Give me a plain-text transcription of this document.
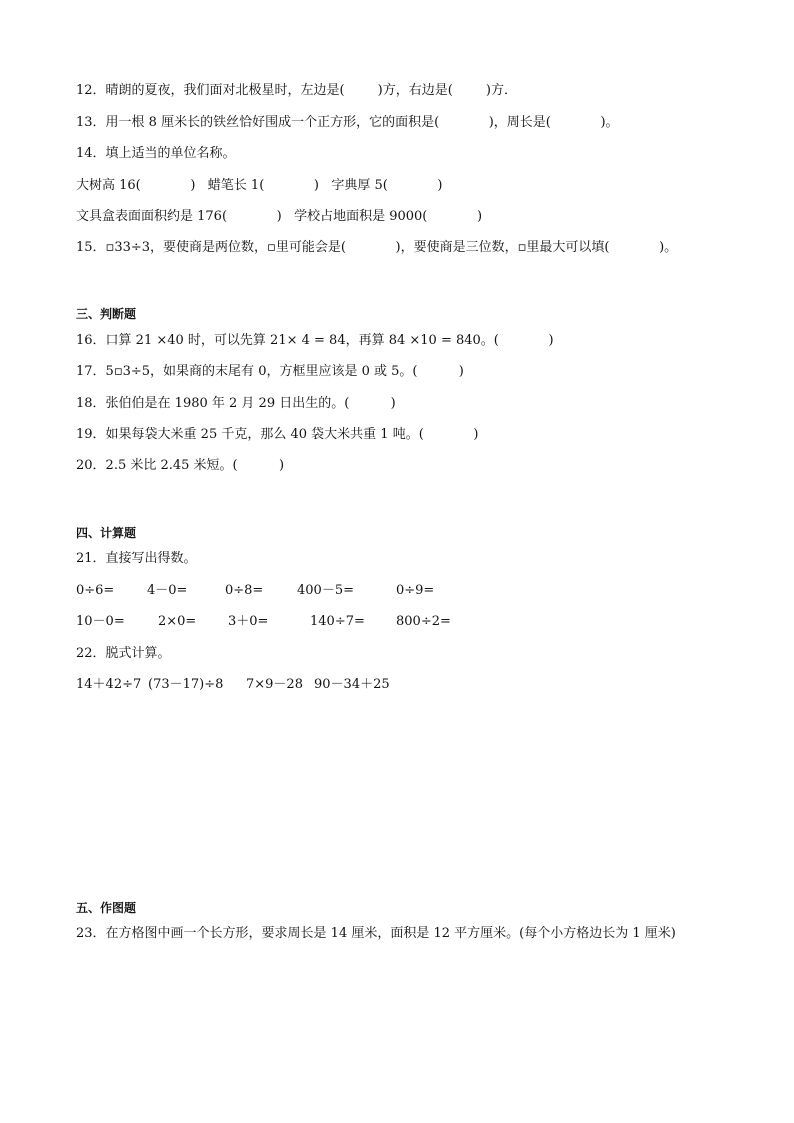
12．晴朗的夏夜，我们面对北极星时，左边是(        )方，右边是(        )方．
13．用一根 8 厘米长的铁丝恰好围成一个正方形，它的面积是(            )，周长是(            )。
14．填上适当的单位名称。
大树高 16(            )   蜡笔长 1(            )   字典厚 5(            )
文具盒表面面积约是 176(            )   学校占地面积是 9000(            )
15．▫33÷3，要使商是两位数，▫里可能会是(            )，要使商是三位数，▫里最大可以填(            )。
三、判断题
16．口算 21 ×40 时，可以先算 21× 4 = 84，再算 84 ×10 = 840。(            )
17．5▫3÷5，如果商的末尾有 0，方框里应该是 0 或 5。(          )
18．张伯伯是在 1980 年 2 月 29 日出生的。(          )
19．如果每袋大米重 25 千克，那么 40 袋大米共重 1 吨。(            )
20．2.5 米比 2.45 米短。(          )
四、计算题
21．直接写出得数。
0÷6=	4－0=	0÷8=	400－5=	0÷9=
10－0=	2×0= 3＋0=	140÷7= 800÷2=
22．脱式计算。
14＋42÷7 (73－17)÷8 7×9－28 90－34＋25
五、作图题
23．在方格图中画一个长方形，要求周长是 14 厘米，面积是 12 平方厘米。(每个小方格边长为 1 厘米)
